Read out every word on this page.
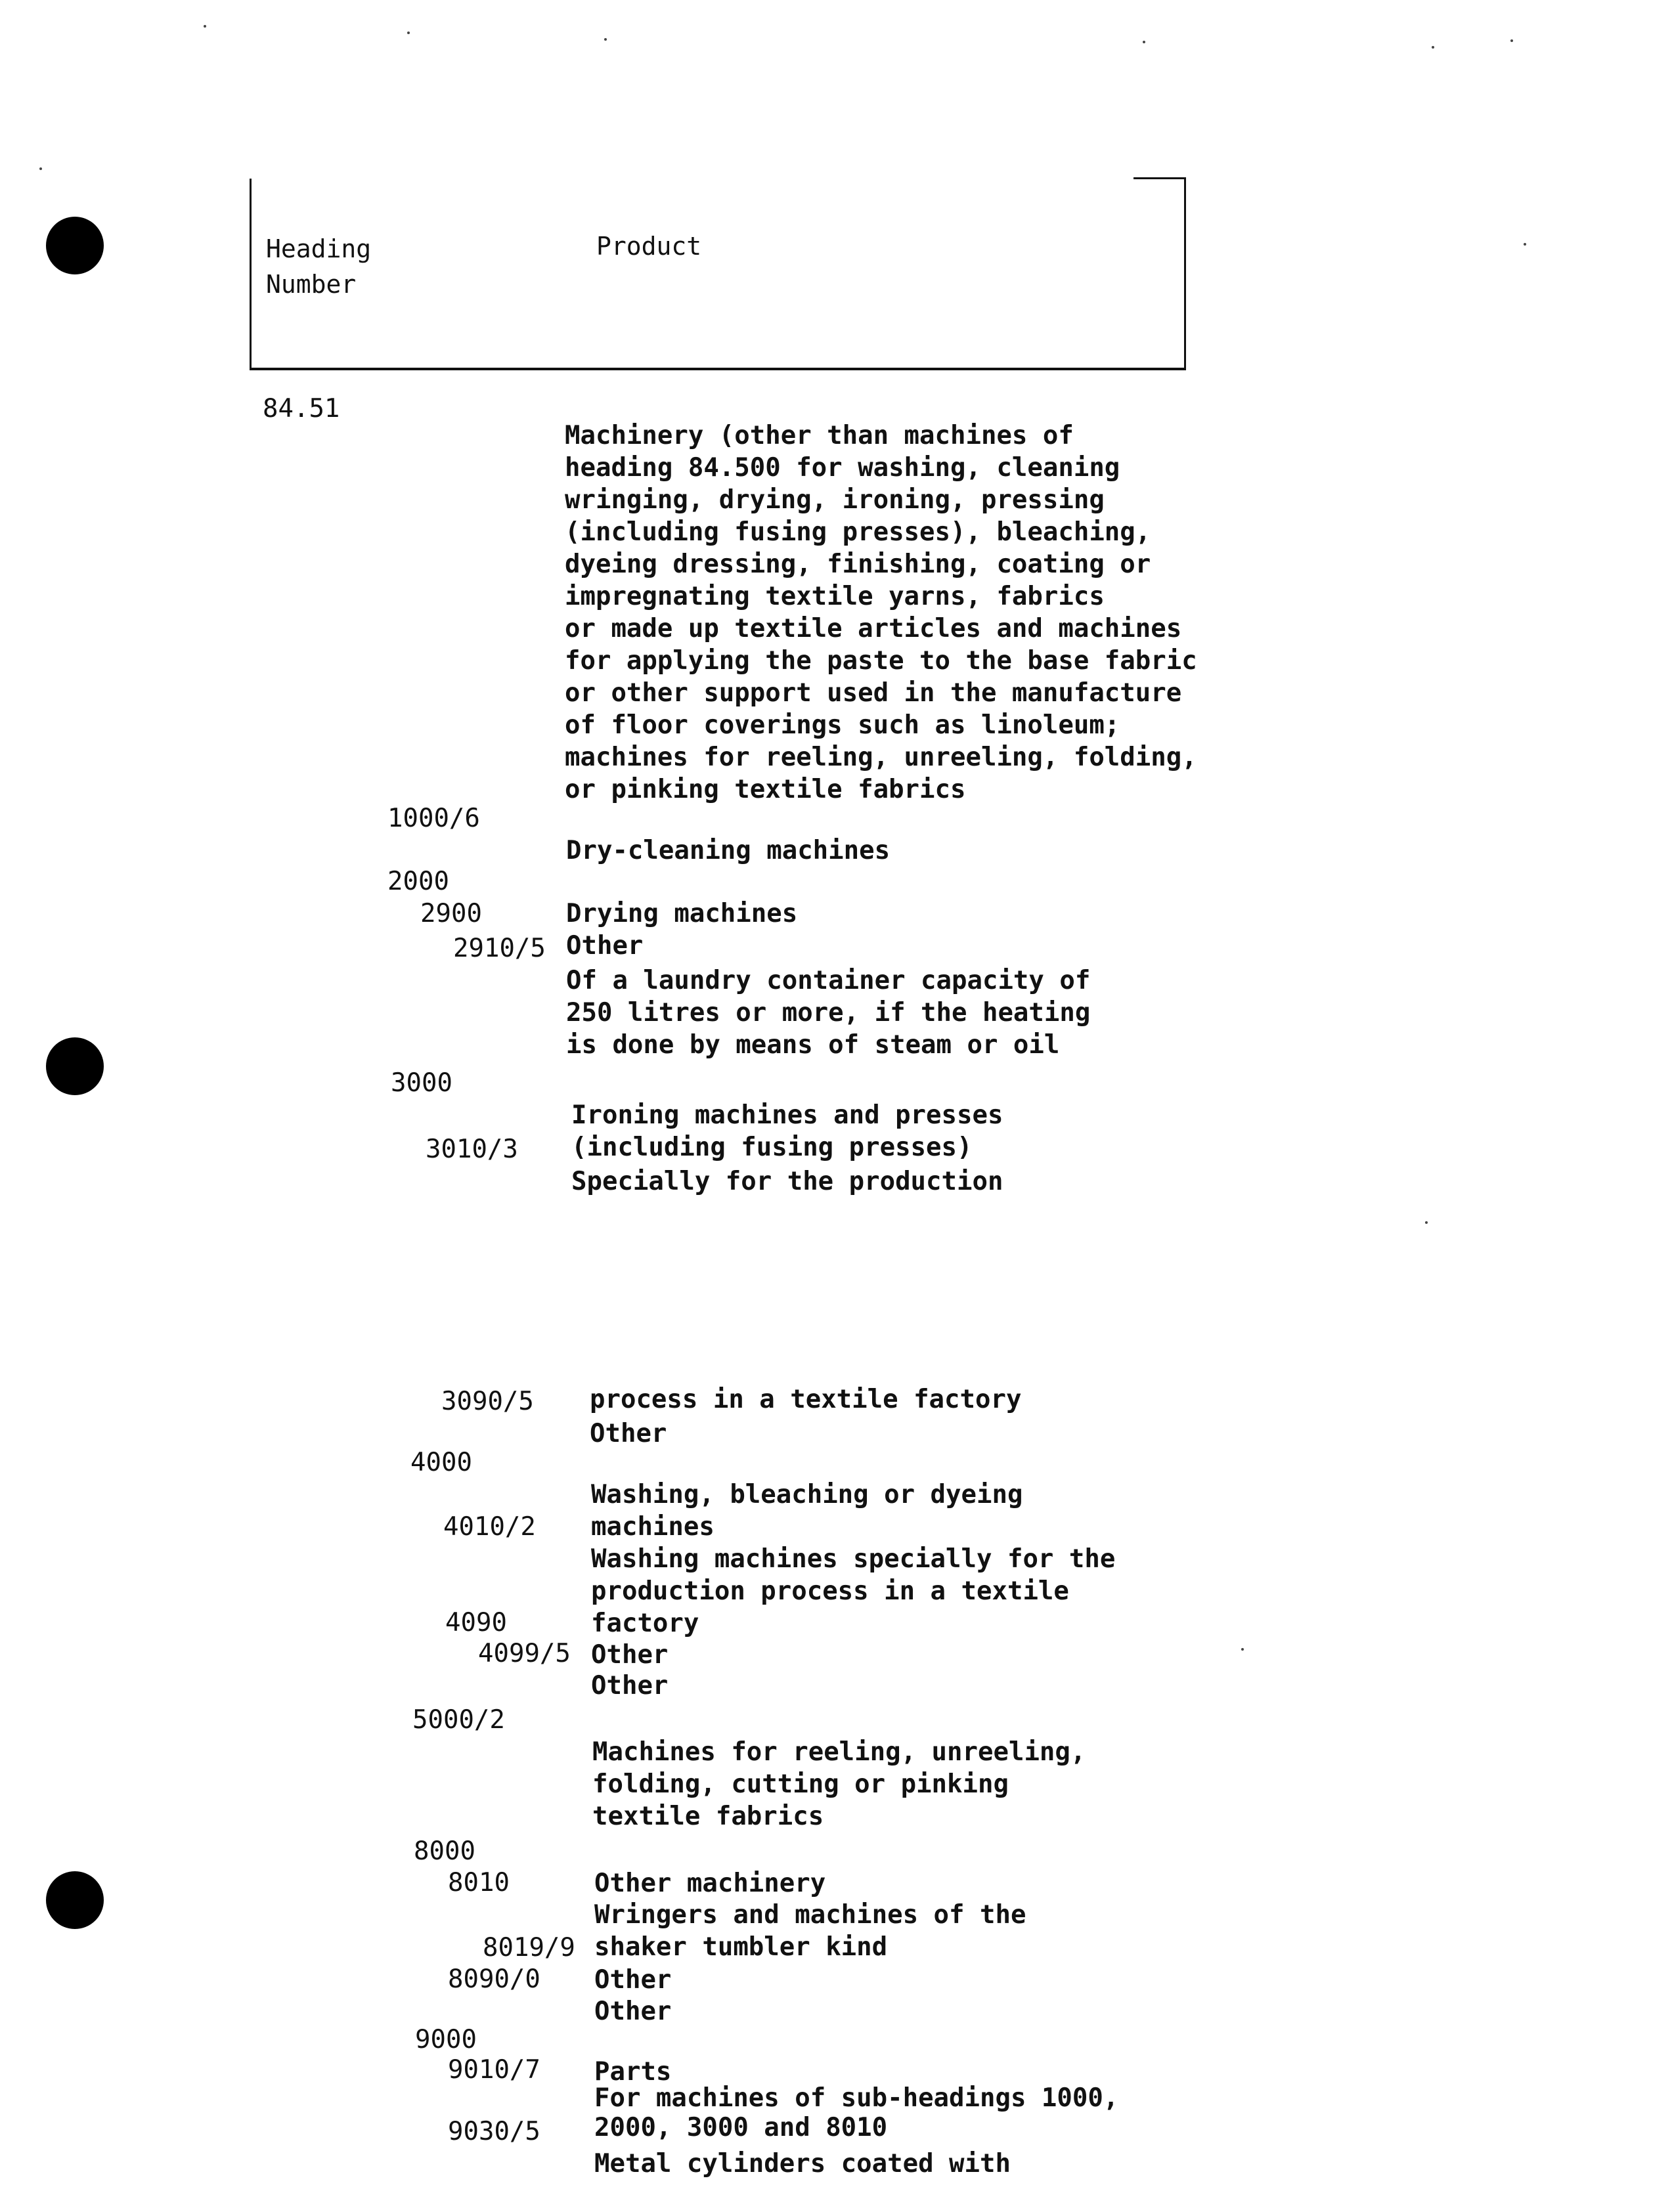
Heading
Number
Product
84.51

Machinery (other than machines of
heading 84.500 for washing, cleaning
wringing, drying, ironing, pressing
(including fusing presses), bleaching,
dyeing dressing, finishing, coating or
impregnating textile yarns, fabrics
or made up textile articles and machines
for applying the paste to the base fabric
or other support used in the manufacture
of floor coverings such as linoleum;
machines for reeling, unreeling, folding,
or pinking textile fabrics

1000/6

Dry-cleaning machines

2000

Drying machines

2900

Other

2910/5

Of a laundry container capacity of
250 litres or more, if the heating
is done by means of steam or oil

3000

Ironing machines and presses
(including fusing presses)

3010/3

Specially for the production

process in a textile factory

3090/5

Other

4000

Washing, bleaching or dyeing
machines

4010/2

Washing machines specially for the
production process in a textile
factory

4090

Other

4099/5

Other

5000/2

Machines for reeling, unreeling,
folding, cutting or pinking
textile fabrics

8000

Other machinery

8010

Wringers and machines of the
shaker tumbler kind

8019/9

Other

8090/0

Other

9000

Parts

9010/7

For machines of sub-headings 1000,
2000, 3000 and 8010

9030/5

Metal cylinders coated with
